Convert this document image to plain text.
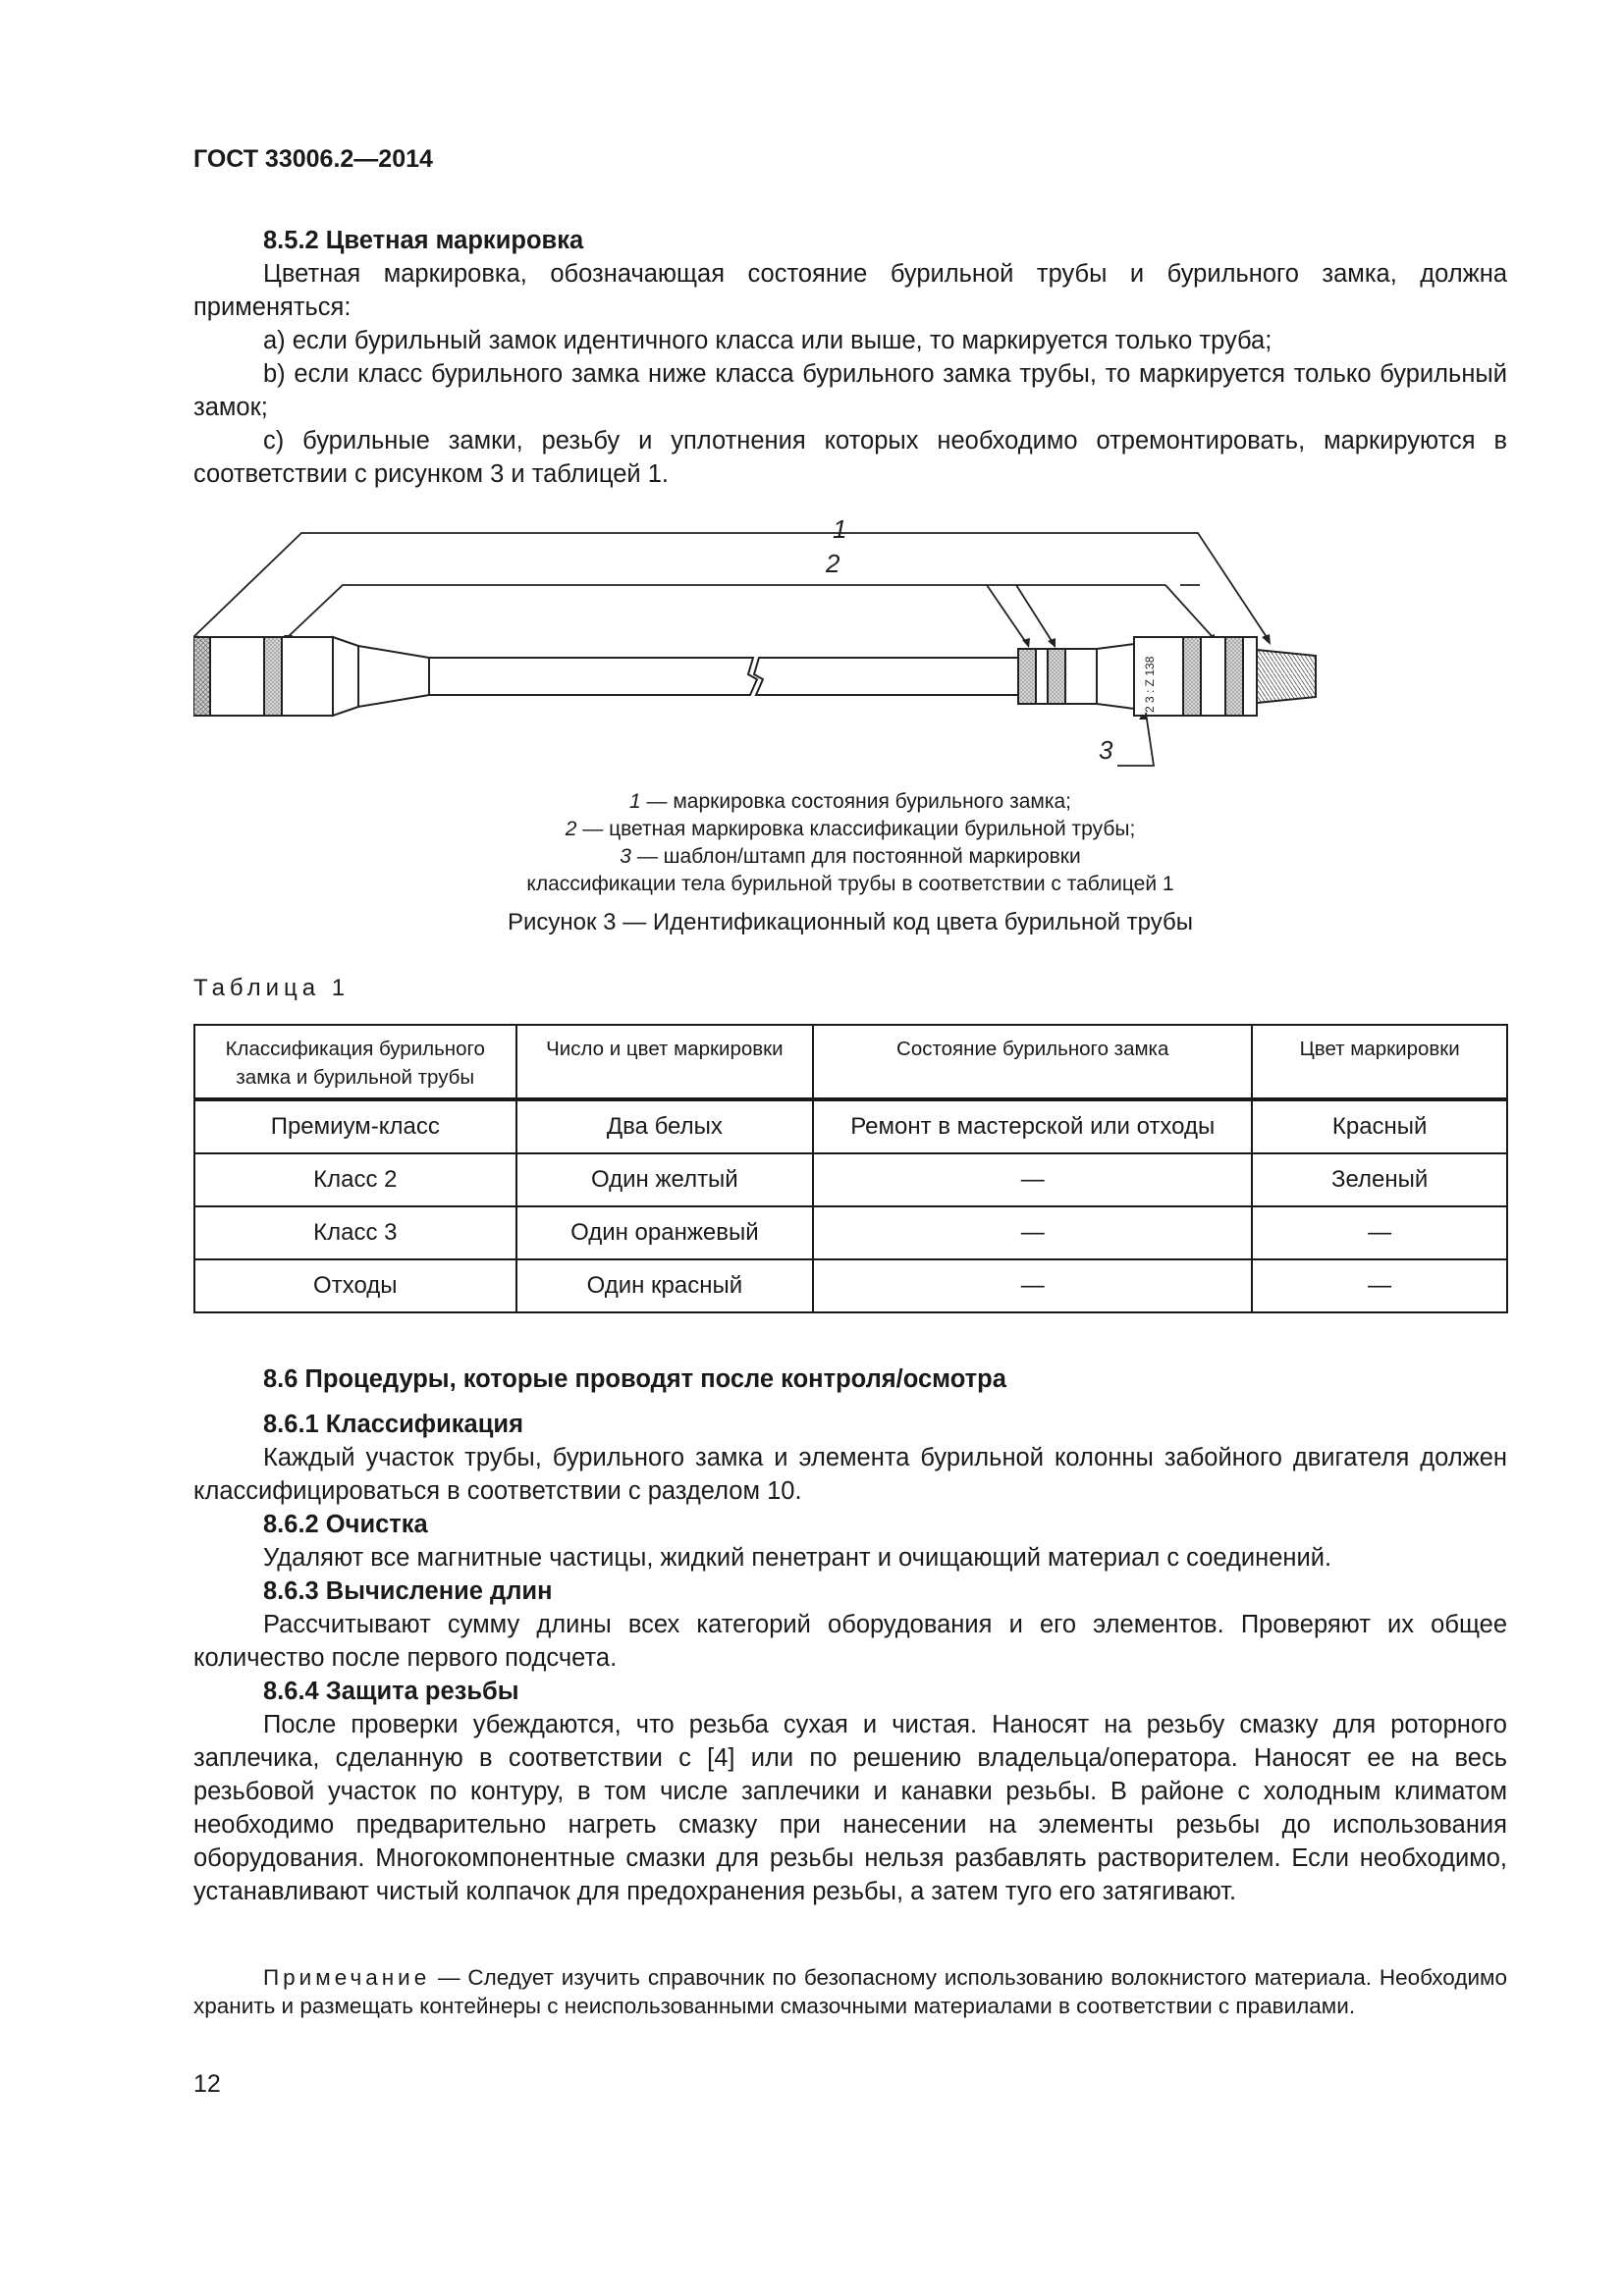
ГОСТ 33006.2—2014

8.5.2 Цветная маркировка

Цветная маркировка, обозначающая состояние бурильной трубы и бурильного замка, должна применяться:

a) если бурильный замок идентичного класса или выше, то маркируется только труба;

b) если класс бурильного замка ниже класса бурильного замка трубы, то маркируется только бурильный замок;

c) бурильные замки, резьбу и уплотнения которых необходимо отремонтировать, маркируются в соответствии с рисунком 3 и таблицей 1.

1
2
2 3 : Z 138
3
1 — маркировка состояния бурильного замка;
2 — цветная маркировка классификации бурильной трубы;
3 — шаблон/штамп для постоянной маркировки
классификации тела бурильной трубы в соответствии с таблицей 1
Рисунок 3 — Идентификационный код цвета бурильной трубы
Таблица 1
Классификация бурильного замка и бурильной трубы	Число и цвет маркировки	Состояние бурильного замка	Цвет маркировки
Премиум-класс	Два белых	Ремонт в мастерской или отходы	Красный
Класс 2	Один желтый	—	Зеленый
Класс 3	Один оранжевый	—	—
Отходы	Один красный	—	—

8.6 Процедуры, которые проводят после контроля/осмотра

8.6.1 Классификация

Каждый участок трубы, бурильного замка и элемента бурильной колонны забойного двигателя должен классифицироваться в соответствии с разделом 10.

8.6.2 Очистка

Удаляют все магнитные частицы, жидкий пенетрант и очищающий материал с соединений.

8.6.3 Вычисление длин

Рассчитывают сумму длины всех категорий оборудования и его элементов. Проверяют их общее количество после первого подсчета.

8.6.4 Защита резьбы

После проверки убеждаются, что резьба сухая и чистая. Наносят на резьбу смазку для роторного заплечика, сделанную в соответствии с [4] или по решению владельца/оператора. Наносят ее на весь резьбовой участок по контуру, в том числе заплечики и канавки резьбы. В районе с холодным климатом необходимо предварительно нагреть смазку при нанесении на элементы резьбы до использования оборудования. Многокомпонентные смазки для резьбы нельзя разбавлять растворителем. Если необходимо, устанавливают чистый колпачок для предохранения резьбы, а затем туго его затягивают.

Примечание — Следует изучить справочник по безопасному использованию волокнистого материала. Необходимо хранить и размещать контейнеры с неиспользованными смазочными материалами в соответствии с правилами.
12
